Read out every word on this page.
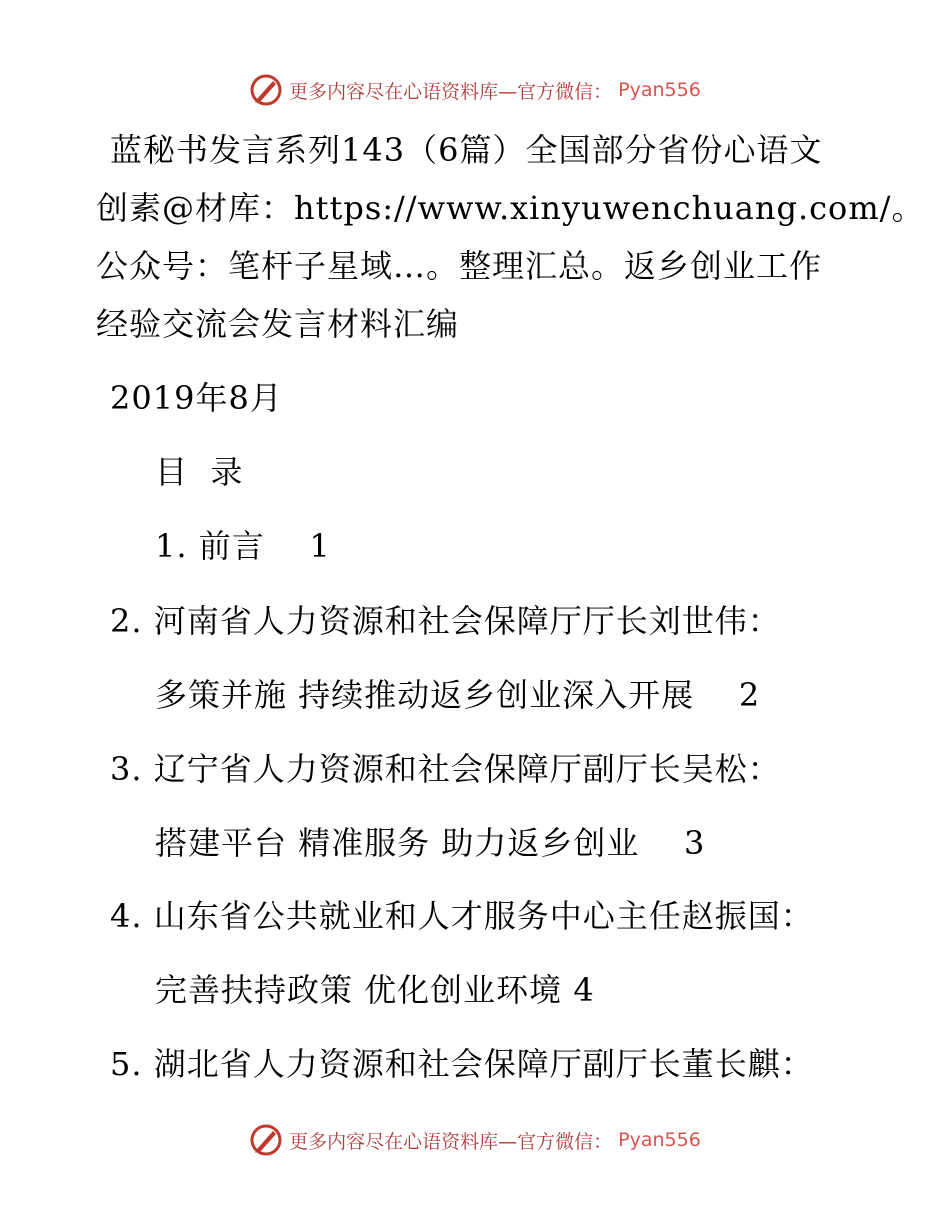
更多内容尽在心语资料库—官方微信： Pyan556
蓝秘书发言系列143（6篇）全国部分省份心语文
创素@材库：https://www.xinyuwenchuang.com/。
公众号：笔杆子星域…。整理汇总。返乡创业工作
经验交流会发言材料汇编
2019年8月
目  录
1. 前言    1
2. 河南省人力资源和社会保障厅厅长刘世伟：
多策并施 持续推动返乡创业深入开展    2
3. 辽宁省人力资源和社会保障厅副厅长吴松：
搭建平台 精准服务 助力返乡创业    3
4. 山东省公共就业和人才服务中心主任赵振国：
完善扶持政策 优化创业环境 4
5. 湖北省人力资源和社会保障厅副厅长董长麒：
更多内容尽在心语资料库—官方微信： Pyan556
